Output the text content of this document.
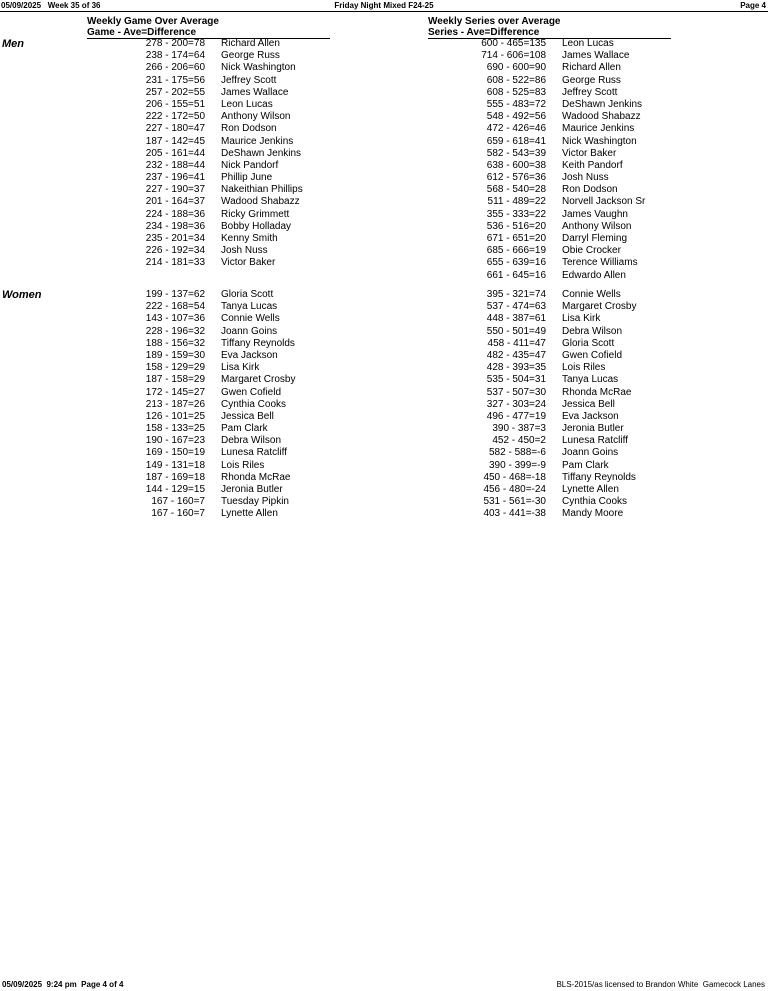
05/09/2025   Week 35 of 36	Friday Night Mixed F24-25	Page 4
Weekly Game Over Average
Game - Ave=Difference
Weekly Series over Average
Series - Ave=Difference
Men
Women
278 - 200=78 Richard Allen
238 - 174=64 George Russ
266 - 206=60 Nick Washington
231 - 175=56 Jeffrey Scott
257 - 202=55 James Wallace
206 - 155=51 Leon Lucas
222 - 172=50 Anthony Wilson
227 - 180=47 Ron Dodson
187 - 142=45 Maurice Jenkins
205 - 161=44 DeShawn Jenkins
232 - 188=44 Nick Pandorf
237 - 196=41 Phillip June
227 - 190=37 Nakeithian Phillips
201 - 164=37 Wadood Shabazz
224 - 188=36 Ricky Grimmett
234 - 198=36 Bobby Holladay
235 - 201=34 Kenny Smith
226 - 192=34 Josh Nuss
214 - 181=33 Victor Baker
600 - 465=135 Leon Lucas
714 - 606=108 James Wallace
690 - 600=90 Richard Allen
608 - 522=86 George Russ
608 - 525=83 Jeffrey Scott
555 - 483=72 DeShawn Jenkins
548 - 492=56 Wadood Shabazz
472 - 426=46 Maurice Jenkins
659 - 618=41 Nick Washington
582 - 543=39 Victor Baker
638 - 600=38 Keith Pandorf
612 - 576=36 Josh Nuss
568 - 540=28 Ron Dodson
511 - 489=22 Norvell Jackson Sr
355 - 333=22 James Vaughn
536 - 516=20 Anthony Wilson
671 - 651=20 Darryl Fleming
685 - 666=19 Obie Crocker
655 - 639=16 Terence Williams
661 - 645=16 Edwardo Allen
199 - 137=62 Gloria Scott
222 - 168=54 Tanya Lucas
143 - 107=36 Connie Wells
228 - 196=32 Joann Goins
188 - 156=32 Tiffany Reynolds
189 - 159=30 Eva Jackson
158 - 129=29 Lisa Kirk
187 - 158=29 Margaret Crosby
172 - 145=27 Gwen Cofield
213 - 187=26 Cynthia Cooks
126 - 101=25 Jessica Bell
158 - 133=25 Pam Clark
190 - 167=23 Debra Wilson
169 - 150=19 Lunesa Ratcliff
149 - 131=18 Lois Riles
187 - 169=18 Rhonda McRae
144 - 129=15 Jeronia Butler
167 - 160=7 Tuesday Pipkin
167 - 160=7 Lynette Allen
395 - 321=74 Connie Wells
537 - 474=63 Margaret Crosby
448 - 387=61 Lisa Kirk
550 - 501=49 Debra Wilson
458 - 411=47 Gloria Scott
482 - 435=47 Gwen Cofield
428 - 393=35 Lois Riles
535 - 504=31 Tanya Lucas
537 - 507=30 Rhonda McRae
327 - 303=24 Jessica Bell
496 - 477=19 Eva Jackson
390 - 387=3 Jeronia Butler
452 - 450=2 Lunesa Ratcliff
582 - 588=-6 Joann Goins
390 - 399=-9 Pam Clark
450 - 468=-18 Tiffany Reynolds
456 - 480=-24 Lynette Allen
531 - 561=-30 Cynthia Cooks
403 - 441=-38 Mandy Moore
05/09/2025  9:24 pm  Page 4 of 4	BLS-2015/as licensed to Brandon White  Gamecock Lanes
